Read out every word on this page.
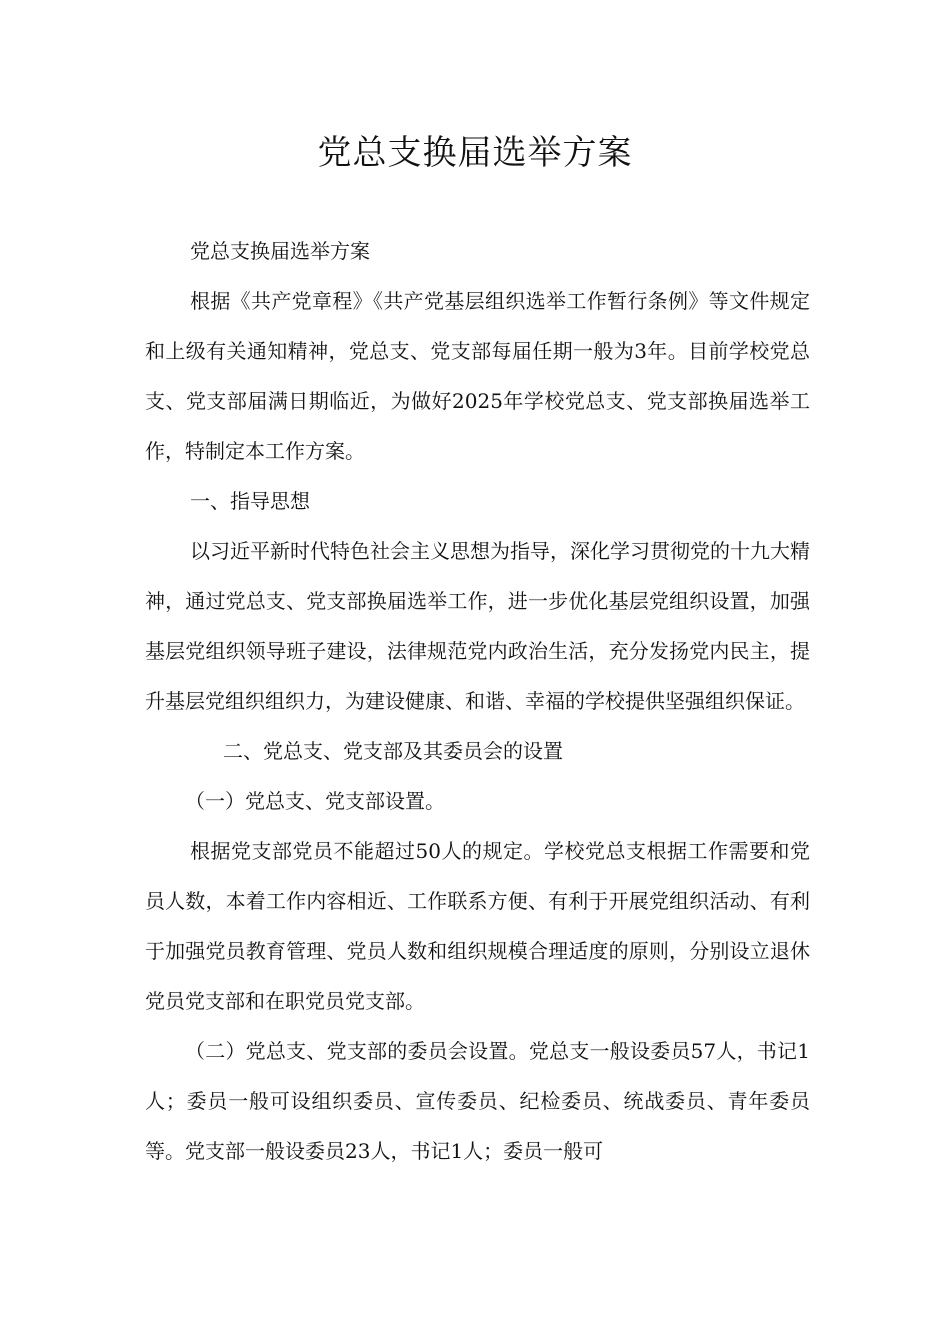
党总支换届选举方案

党总支换届选举方案

根据《共产党章程》《共产党基层组织选举工作暂行条例》等文件规定和上级有关通知精神，党总支、党支部每届任期一般为3年。目前学校党总支、党支部届满日期临近，为做好2025年学校党总支、党支部换届选举工作，特制定本工作方案。

一、指导思想

以习近平新时代特色社会主义思想为指导，深化学习贯彻党的十九大精神，通过党总支、党支部换届选举工作，进一步优化基层党组织设置，加强基层党组织领导班子建设，法律规范党内政治生活，充分发扬党内民主，提升基层党组织组织力，为建设健康、和谐、幸福的学校提供坚强组织保证。

二、党总支、党支部及其委员会的设置

（一）党总支、党支部设置。

根据党支部党员不能超过50人的规定。学校党总支根据工作需要和党员人数，本着工作内容相近、工作联系方便、有利于开展党组织活动、有利于加强党员教育管理、党员人数和组织规模合理适度的原则，分别设立退休党员党支部和在职党员党支部。

（二）党总支、党支部的委员会设置。党总支一般设委员57人，书记1人；委员一般可设组织委员、宣传委员、纪检委员、统战委员、青年委员等。党支部一般设委员23人，书记1人；委员一般可
